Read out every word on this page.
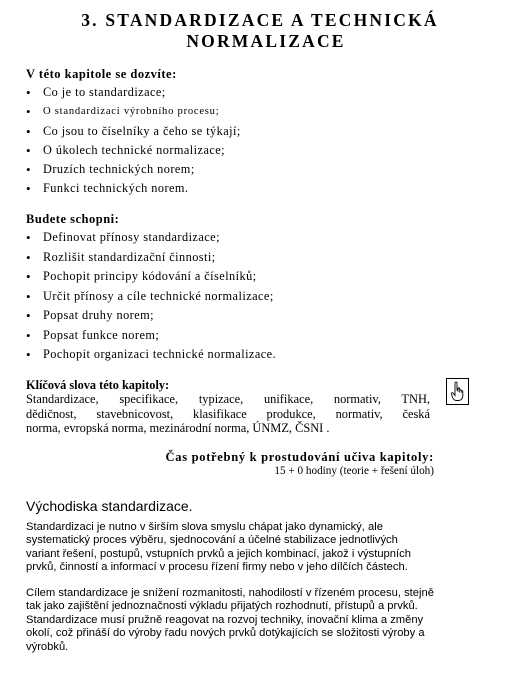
3. STANDARDIZACE A TECHNICKÁ
NORMALIZACE
V této kapitole se dozvíte:
• Co je to standardizace;
• O standardizaci výrobního procesu;
• Co jsou to číselníky a čeho se týkají;
• O úkolech technické normalizace;
• Druzích technických norem;
• Funkci technických norem.
Budete schopni:
• Definovat přínosy standardizace;
• Rozlišit standardizační činnosti;
• Pochopit principy kódování a číselníků;
• Určit přínosy a cíle technické normalizace;
• Popsat druhy norem;
• Popsat funkce norem;
• Pochopit organizaci technické normalizace.
Klíčová slova této kapitoly:
Standardizace, specifikace, typizace, unifikace, normativ, TNH,
dědičnost, stavebnicovost, klasifikace produkce, normativ, česká
norma, evropská norma, mezinárodní norma, ÚNMZ, ČSNI .
Čas potřebný k prostudování učiva kapitoly:
15 + 0 hodiny (teorie + řešení úloh)
Východiska standardizace.
Standardizaci je nutno v širším slova smyslu chápat jako dynamický, ale
systematický proces výběru, sjednocování a účelné stabilizace jednotlivých
variant řešení, postupů, vstupních prvků a jejich kombinací, jakož i výstupních
prvků, činností a informací v procesu řízení firmy nebo v jeho dílčích částech.
Cílem standardizace je snížení rozmanitosti, nahodilostí v řízeném procesu, stejně
tak jako zajištění jednoznačnosti výkladu přijatých rozhodnutí, přístupů a prvků.
Standardizace musí pružně reagovat na rozvoj techniky, inovační klima a změny
okolí, což přináší do výroby řadu nových prvků dotýkajících se složitosti výroby a
výrobků.
